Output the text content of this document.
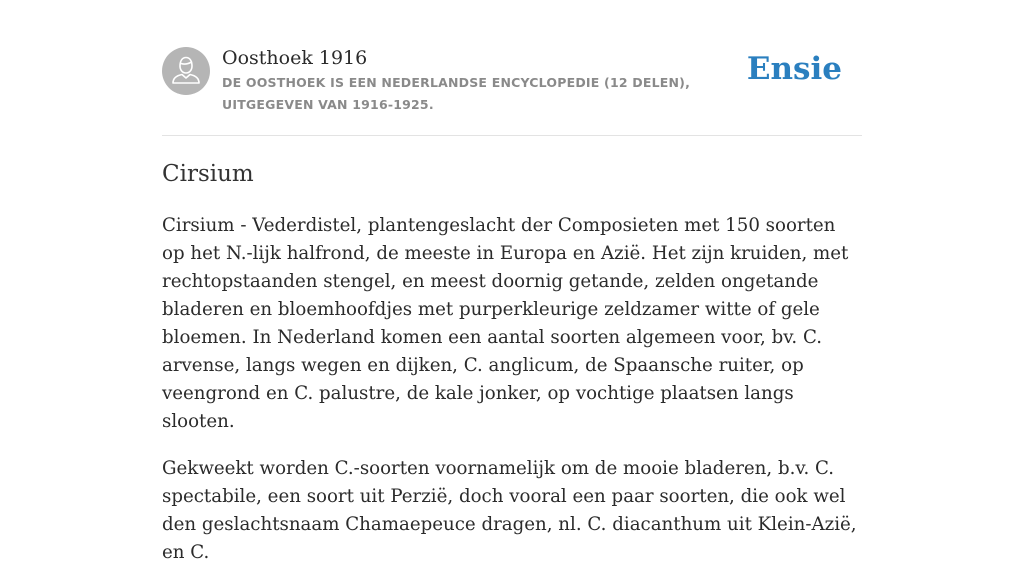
Oosthoek 1916
DE OOSTHOEK IS EEN NEDERLANDSE ENCYCLOPEDIE (12 DELEN), UITGEGEVEN VAN 1916-1925.
Ensie
Cirsium

Cirsium - Vederdistel, plantengeslacht der Composieten met 150 soorten op het N.-lijk halfrond, de meeste in Europa en Azië. Het zijn kruiden, met rechtopstaanden stengel, en meest doornig getande, zelden ongetande bladeren en bloemhoofdjes met purperkleurige zeldzamer witte of gele bloemen. In Nederland komen een aantal soorten algemeen voor, bv. C. arvense, langs wegen en dijken, C. anglicum, de Spaansche ruiter, op veengrond en C. palustre, de kale jonker, op vochtige plaatsen langs slooten.

Gekweekt worden C.-soorten voornamelijk om de mooie bladeren, b.v. C. spectabile, een soort uit Perzië, doch vooral een paar soorten, die ook wel den geslachtsnaam Chamaepeuce dragen, nl. C. diacanthum uit Klein-Azië, en C.
